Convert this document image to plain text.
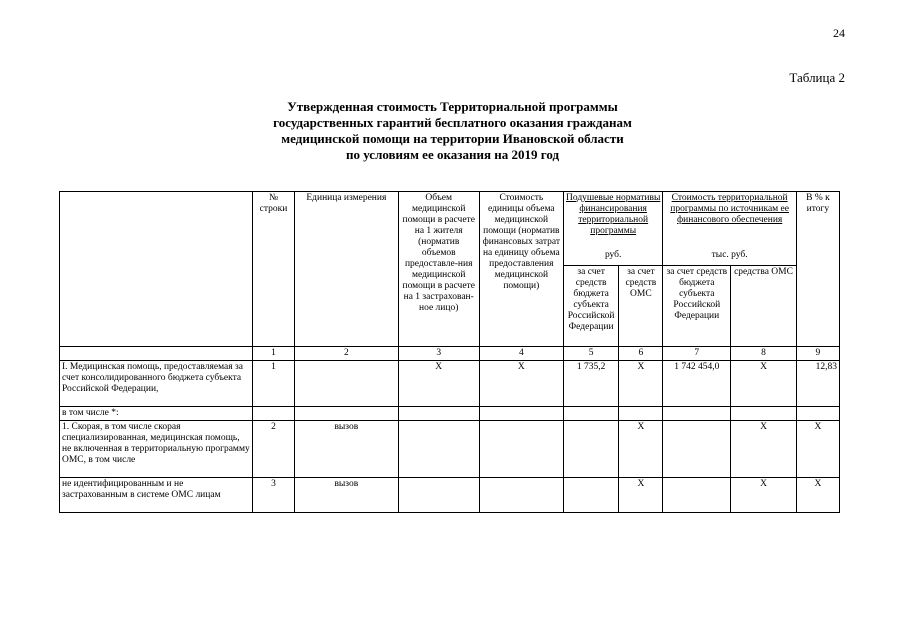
24
Таблица 2
Утвержденная стоимость Территориальной программы
государственных гарантий бесплатного оказания гражданам
медицинской помощи на территории Ивановской области
по условиям ее оказания на 2019 год
	№ строки	Единица измерения	Объем медицинской помощи в расчете на 1 жителя (норматив объемов предоставле-ния медицинской помощи в расчете на 1 застрахован-ное лицо)	Стоимость единицы объема медицинской помощи (норматив финансовых затрат на единицу объема предоставления медицинской помощи)	Подушевые нормативы финансирования территориальной программы		Стоимость территориальной программы по источникам ее финансового обеспечения		В % к итогу
					руб.		тыс. руб.		
					за счет средств бюджета субъекта Российской Федерации	за счет средств ОМС	за счет средств бюджета субъекта Российской Федерации	средства ОМС	
	1	2	3	4	5	6	7	8	9
I. Медицинская помощь, предоставляемая за счет консолидированного бюджета субъекта Российской Федерации,	1		Х	Х	1 735,2	Х	1 742 454,0	Х	12,83
в том числе *:									
1. Скорая, в том числе скорая специализированная, медицинская помощь, не включенная в территориальную программу ОМС, в том числе	2	вызов				Х		Х	Х
не идентифицированным и не застрахованным в системе ОМС лицам	3	вызов				Х		Х	Х
